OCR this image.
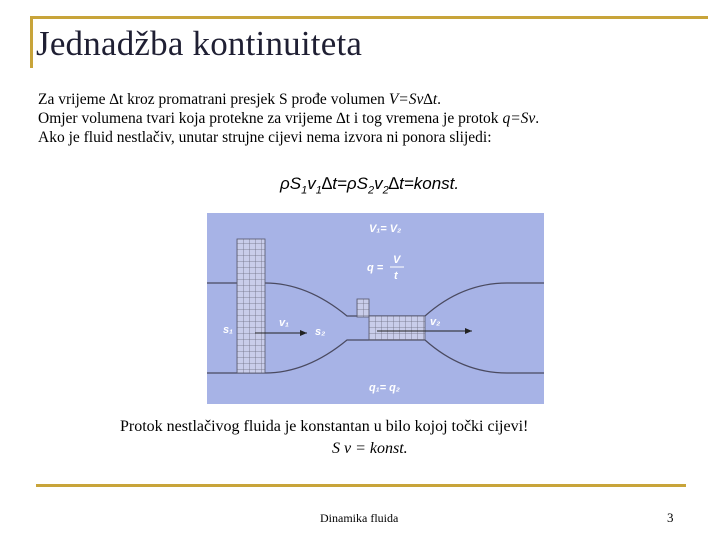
Jednadžba kontinuiteta
Za vrijeme ∆t kroz promatrani presjek S prođe volumen V=Sv∆t.
Omjer volumena tvari koja protekne za vrijeme ∆t i tog vremena je protok q=Sv.
Ako je fluid nestlačiv, unutar strujne cijevi nema izvora ni ponora slijedi:
$\rho S_1v_1\Delta t=\rho S_2v_2\Delta t=konst$.
V₁= V₂
q =
V
t
s₁	s₂
v₁	v₂
q₁= q₂
Protok nestlačivog fluida je konstantan u bilo kojoj točki cijevi!
S v = konst.
Dinamika fluida	3
